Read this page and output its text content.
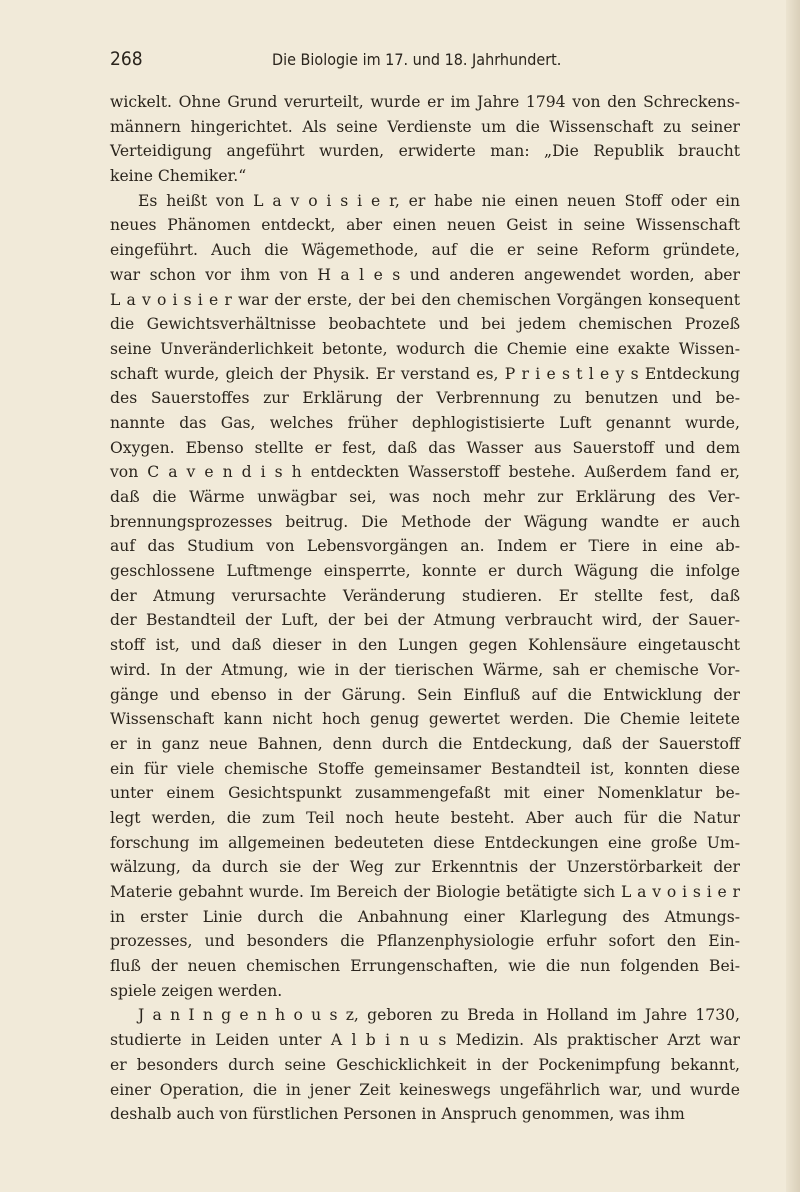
268	Die Biologie im 17. und 18. Jahrhundert.
wickelt. Ohne Grund verurteilt, wurde er im Jahre 1794 von den Schreckens-
männern hingerichtet. Als seine Verdienste um die Wissenschaft zu seiner
Verteidigung angeführt wurden, erwiderte man: „Die Republik braucht
keine Chemiker.“
Es heißt von L a v o i s i e r, er habe nie einen neuen Stoff oder ein
neues Phänomen entdeckt, aber einen neuen Geist in seine Wissenschaft
eingeführt. Auch die Wägemethode, auf die er seine Reform gründete,
war schon vor ihm von H a l e s und anderen angewendet worden, aber
L a v o i s i e r war der erste, der bei den chemischen Vorgängen konsequent
die Gewichtsverhältnisse beobachtete und bei jedem chemischen Prozeß
seine Unveränderlichkeit betonte, wodurch die Chemie eine exakte Wissen-
schaft wurde, gleich der Physik. Er verstand es, P r i e s t l e y s Entdeckung
des Sauerstoffes zur Erklärung der Verbrennung zu benutzen und be-
nannte das Gas, welches früher dephlogistisierte Luft genannt wurde,
Oxygen. Ebenso stellte er fest, daß das Wasser aus Sauerstoff und dem
von C a v e n d i s h entdeckten Wasserstoff bestehe. Außerdem fand er,
daß die Wärme unwägbar sei, was noch mehr zur Erklärung des Ver-
brennungsprozesses beitrug. Die Methode der Wägung wandte er auch
auf das Studium von Lebensvorgängen an. Indem er Tiere in eine ab-
geschlossene Luftmenge einsperrte, konnte er durch Wägung die infolge
der Atmung verursachte Veränderung studieren. Er stellte fest, daß
der Bestandteil der Luft, der bei der Atmung verbraucht wird, der Sauer-
stoff ist, und daß dieser in den Lungen gegen Kohlensäure eingetauscht
wird. In der Atmung, wie in der tierischen Wärme, sah er chemische Vor-
gänge und ebenso in der Gärung. Sein Einfluß auf die Entwicklung der
Wissenschaft kann nicht hoch genug gewertet werden. Die Chemie leitete
er in ganz neue Bahnen, denn durch die Entdeckung, daß der Sauerstoff
ein für viele chemische Stoffe gemeinsamer Bestandteil ist, konnten diese
unter einem Gesichtspunkt zusammengefaßt mit einer Nomenklatur be-
legt werden, die zum Teil noch heute besteht. Aber auch für die Natur
forschung im allgemeinen bedeuteten diese Entdeckungen eine große Um-
wälzung, da durch sie der Weg zur Erkenntnis der Unzerstörbarkeit der
Materie gebahnt wurde. Im Bereich der Biologie betätigte sich L a v o i s i e r
in erster Linie durch die Anbahnung einer Klarlegung des Atmungs-
prozesses, und besonders die Pflanzenphysiologie erfuhr sofort den Ein-
fluß der neuen chemischen Errungenschaften, wie die nun folgenden Bei-
spiele zeigen werden.
J a n I n g e n h o u s z, geboren zu Breda in Holland im Jahre 1730,
studierte in Leiden unter A l b i n u s Medizin. Als praktischer Arzt war
er besonders durch seine Geschicklichkeit in der Pockenimpfung bekannt,
einer Operation, die in jener Zeit keineswegs ungefährlich war, und wurde
deshalb auch von fürstlichen Personen in Anspruch genommen, was ihm
